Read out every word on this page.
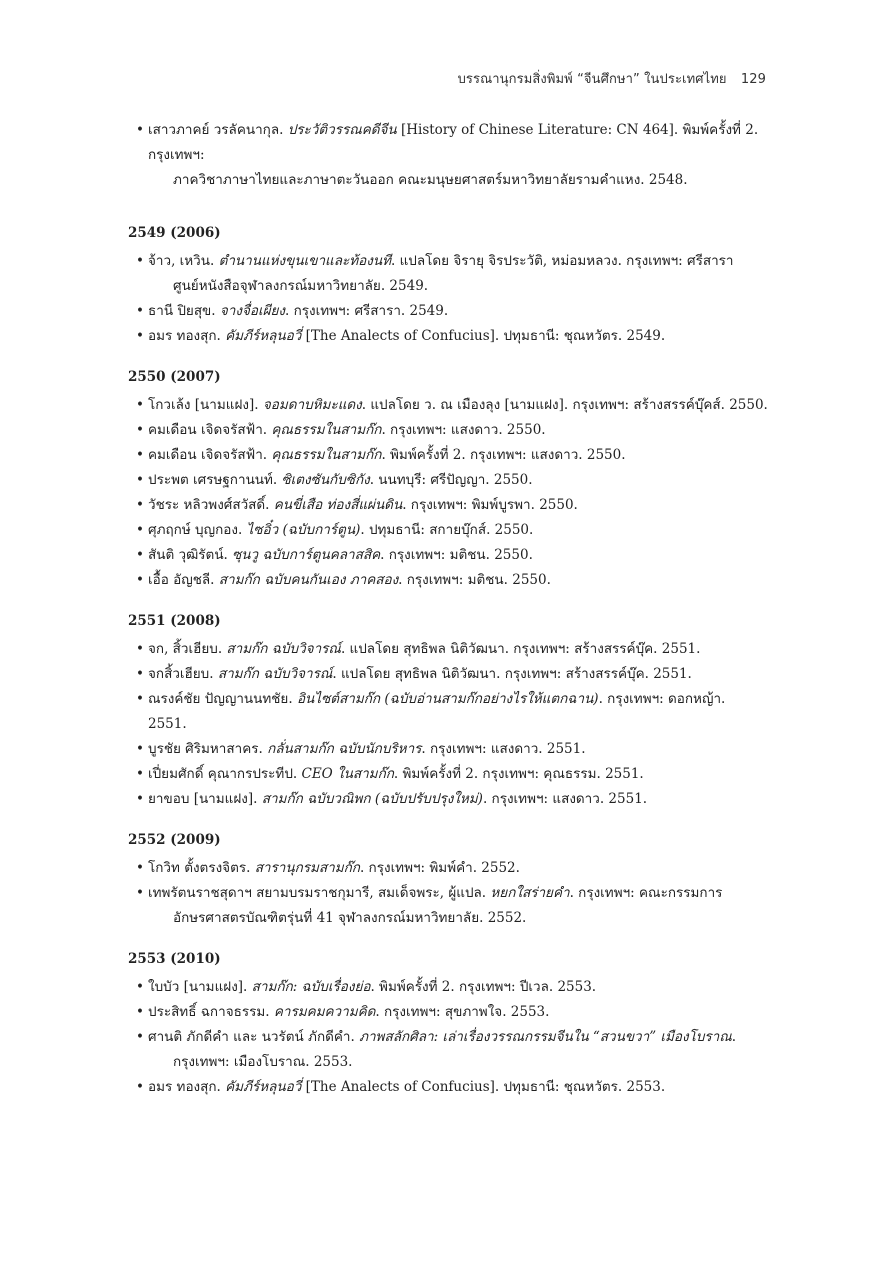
บรรณานุกรมสิ่งพิมพ์ “จีนศึกษา” ในประเทศไทย 129
• เสาวภาคย์ วรลัคนากุล. ประวัติวรรณคดีจีน [History of Chinese Literature: CN 464]. พิมพ์ครั้งที่ 2. กรุงเทพฯ:
ภาควิชาภาษาไทยและภาษาตะวันออก คณะมนุษยศาสตร์มหาวิทยาลัยรามคำแหง. 2548.
2549 (2006)
• จ้าว, เหวิน. ตำนานแห่งขุนเขาและท้องนที. แปลโดย จิรายุ จิรประวัติ, หม่อมหลวง. กรุงเทพฯ: ศรีสารา
ศูนย์หนังสือจุฬาลงกรณ์มหาวิทยาลัย. 2549.
• ธานี ปิยสุข. จางจื่อเผียง. กรุงเทพฯ: ศรีสารา. 2549.
• อมร ทองสุก. คัมภีร์หลุนอวี่ [The Analects of Confucius]. ปทุมธานี: ชุณหวัตร. 2549.
2550 (2007)
• โกวเล้ง [นามแฝง]. จอมดาบหิมะแดง. แปลโดย ว. ณ เมืองลุง [นามแฝง]. กรุงเทพฯ: สร้างสรรค์บุ๊คส์. 2550.
• คมเดือน เจิดจรัสฟ้า. คุณธรรมในสามก๊ก. กรุงเทพฯ: แสงดาว. 2550.
• คมเดือน เจิดจรัสฟ้า. คุณธรรมในสามก๊ก. พิมพ์ครั้งที่ 2. กรุงเทพฯ: แสงดาว. 2550.
• ประพต เศรษฐกานนท์. ซิเตงซันกับซิกัง. นนทบุรี: ศรีปัญญา. 2550.
• วัชระ หลิวพงศ์สวัสดิ์. คนขี่เสือ ท่องสี่แผ่นดิน. กรุงเทพฯ: พิมพ์บูรพา. 2550.
• ศุภฤกษ์ บุญกอง. ไซอิ๋ว (ฉบับการ์ตูน). ปทุมธานี: สกายบุ๊กส์. 2550.
• สันติ วุฒิรัตน์. ซุนวู ฉบับการ์ตูนคลาสสิค. กรุงเทพฯ: มติชน. 2550.
• เอื้อ อัญชลี. สามก๊ก ฉบับคนกันเอง ภาคสอง. กรุงเทพฯ: มติชน. 2550.
2551 (2008)
• จก, สิ้วเฮียบ. สามก๊ก ฉบับวิจารณ์. แปลโดย สุทธิพล นิติวัฒนา. กรุงเทพฯ: สร้างสรรค์บุ๊ค. 2551.
• จกสิ้วเฮียบ. สามก๊ก ฉบับวิจารณ์. แปลโดย สุทธิพล นิติวัฒนา. กรุงเทพฯ: สร้างสรรค์บุ๊ค. 2551.
• ณรงค์ชัย ปัญญานนทชัย. อินไซต์สามก๊ก (ฉบับอ่านสามก๊กอย่างไรให้แตกฉาน). กรุงเทพฯ: ดอกหญ้า. 2551.
• บูรชัย ศิริมหาสาคร. กลั่นสามก๊ก ฉบับนักบริหาร. กรุงเทพฯ: แสงดาว. 2551.
• เปี่ยมศักดิ์ คุณากรประทีป. CEO ในสามก๊ก. พิมพ์ครั้งที่ 2. กรุงเทพฯ: คุณธรรม. 2551.
• ยาขอบ [นามแฝง]. สามก๊ก ฉบับวณิพก (ฉบับปรับปรุงใหม่). กรุงเทพฯ: แสงดาว. 2551.
2552 (2009)
• โกวิท ตั้งตรงจิตร. สารานุกรมสามก๊ก. กรุงเทพฯ: พิมพ์คำ. 2552.
• เทพรัตนราชสุดาฯ สยามบรมราชกุมารี, สมเด็จพระ, ผู้แปล. หยกใสร่ายคำ. กรุงเทพฯ: คณะกรรมการ
อักษรศาสตรบัณฑิตรุ่นที่ 41 จุฬาลงกรณ์มหาวิทยาลัย. 2552.
2553 (2010)
• ใบบัว [นามแฝง]. สามก๊ก: ฉบับเรื่องย่อ. พิมพ์ครั้งที่ 2. กรุงเทพฯ: ปีเวล. 2553.
• ประสิทธิ์ ฉกาจธรรม. คารมคมความคิด. กรุงเทพฯ: สุขภาพใจ. 2553.
• ศานติ ภักดีคำ และ นวรัตน์ ภักดีคำ. ภาพสลักศิลา: เล่าเรื่องวรรณกรรมจีนใน “สวนขวา” เมืองโบราณ.
กรุงเทพฯ: เมืองโบราณ. 2553.
• อมร ทองสุก. คัมภีร์หลุนอวี่ [The Analects of Confucius]. ปทุมธานี: ชุณหวัตร. 2553.
